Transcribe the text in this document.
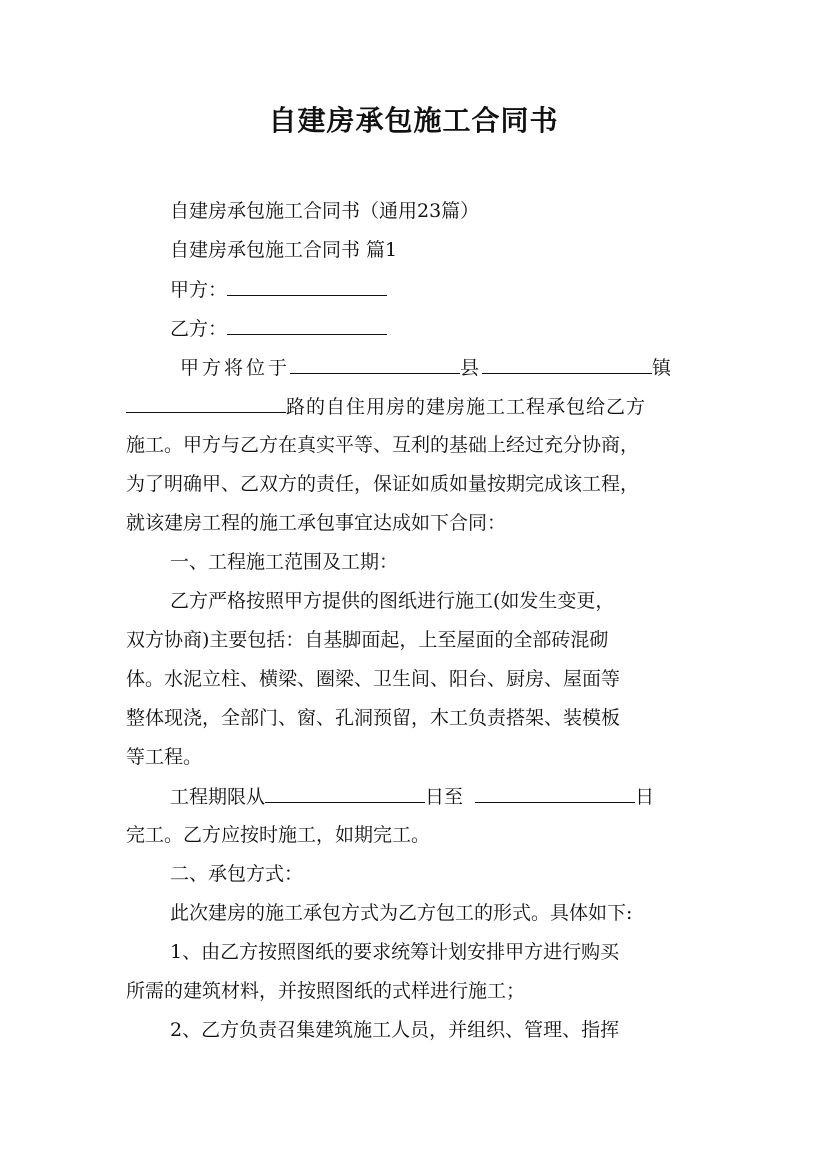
自建房承包施工合同书
自建房承包施工合同书（通用23篇）
自建房承包施工合同书 篇1
甲方：
乙方：
甲方将位于	县	镇
路的自住用房的建房施工工程承包给乙方
施工。甲方与乙方在真实平等、互利的基础上经过充分协商，
为了明确甲、乙双方的责任，保证如质如量按期完成该工程，
就该建房工程的施工承包事宜达成如下合同：
一、工程施工范围及工期：
乙方严格按照甲方提供的图纸进行施工(如发生变更，
双方协商)主要包括：自基脚面起，上至屋面的全部砖混砌
体。水泥立柱、横梁、圈梁、卫生间、阳台、厨房、屋面等
整体现浇，全部门、窗、孔洞预留，木工负责搭架、装模板
等工程。
工程期限从	日至	日
完工。乙方应按时施工，如期完工。
二、承包方式：
此次建房的施工承包方式为乙方包工的形式。具体如下:
1、由乙方按照图纸的要求统筹计划安排甲方进行购买
所需的建筑材料，并按照图纸的式样进行施工；
2、乙方负责召集建筑施工人员，并组织、管理、指挥
